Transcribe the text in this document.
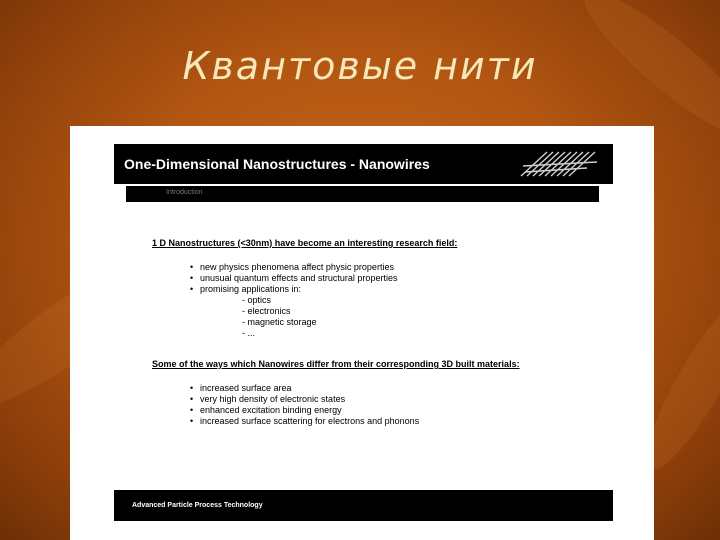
Квантовые нити
One-Dimensional Nanostructures - Nanowires
Introduction

1 D Nanostructures (<30nm) have become an interesting research field:

• new physics phenomena affect physic properties
• unusual quantum effects and structural properties
• promising applications in:
- optics
- electronics
- magnetic storage
- ...

Some of the ways which Nanowires differ from their corresponding 3D built materials:

• increased surface area
• very high density of electronic states
• enhanced excitation binding energy
• increased surface scattering for electrons and phonons
Advanced Particle Process Technology
